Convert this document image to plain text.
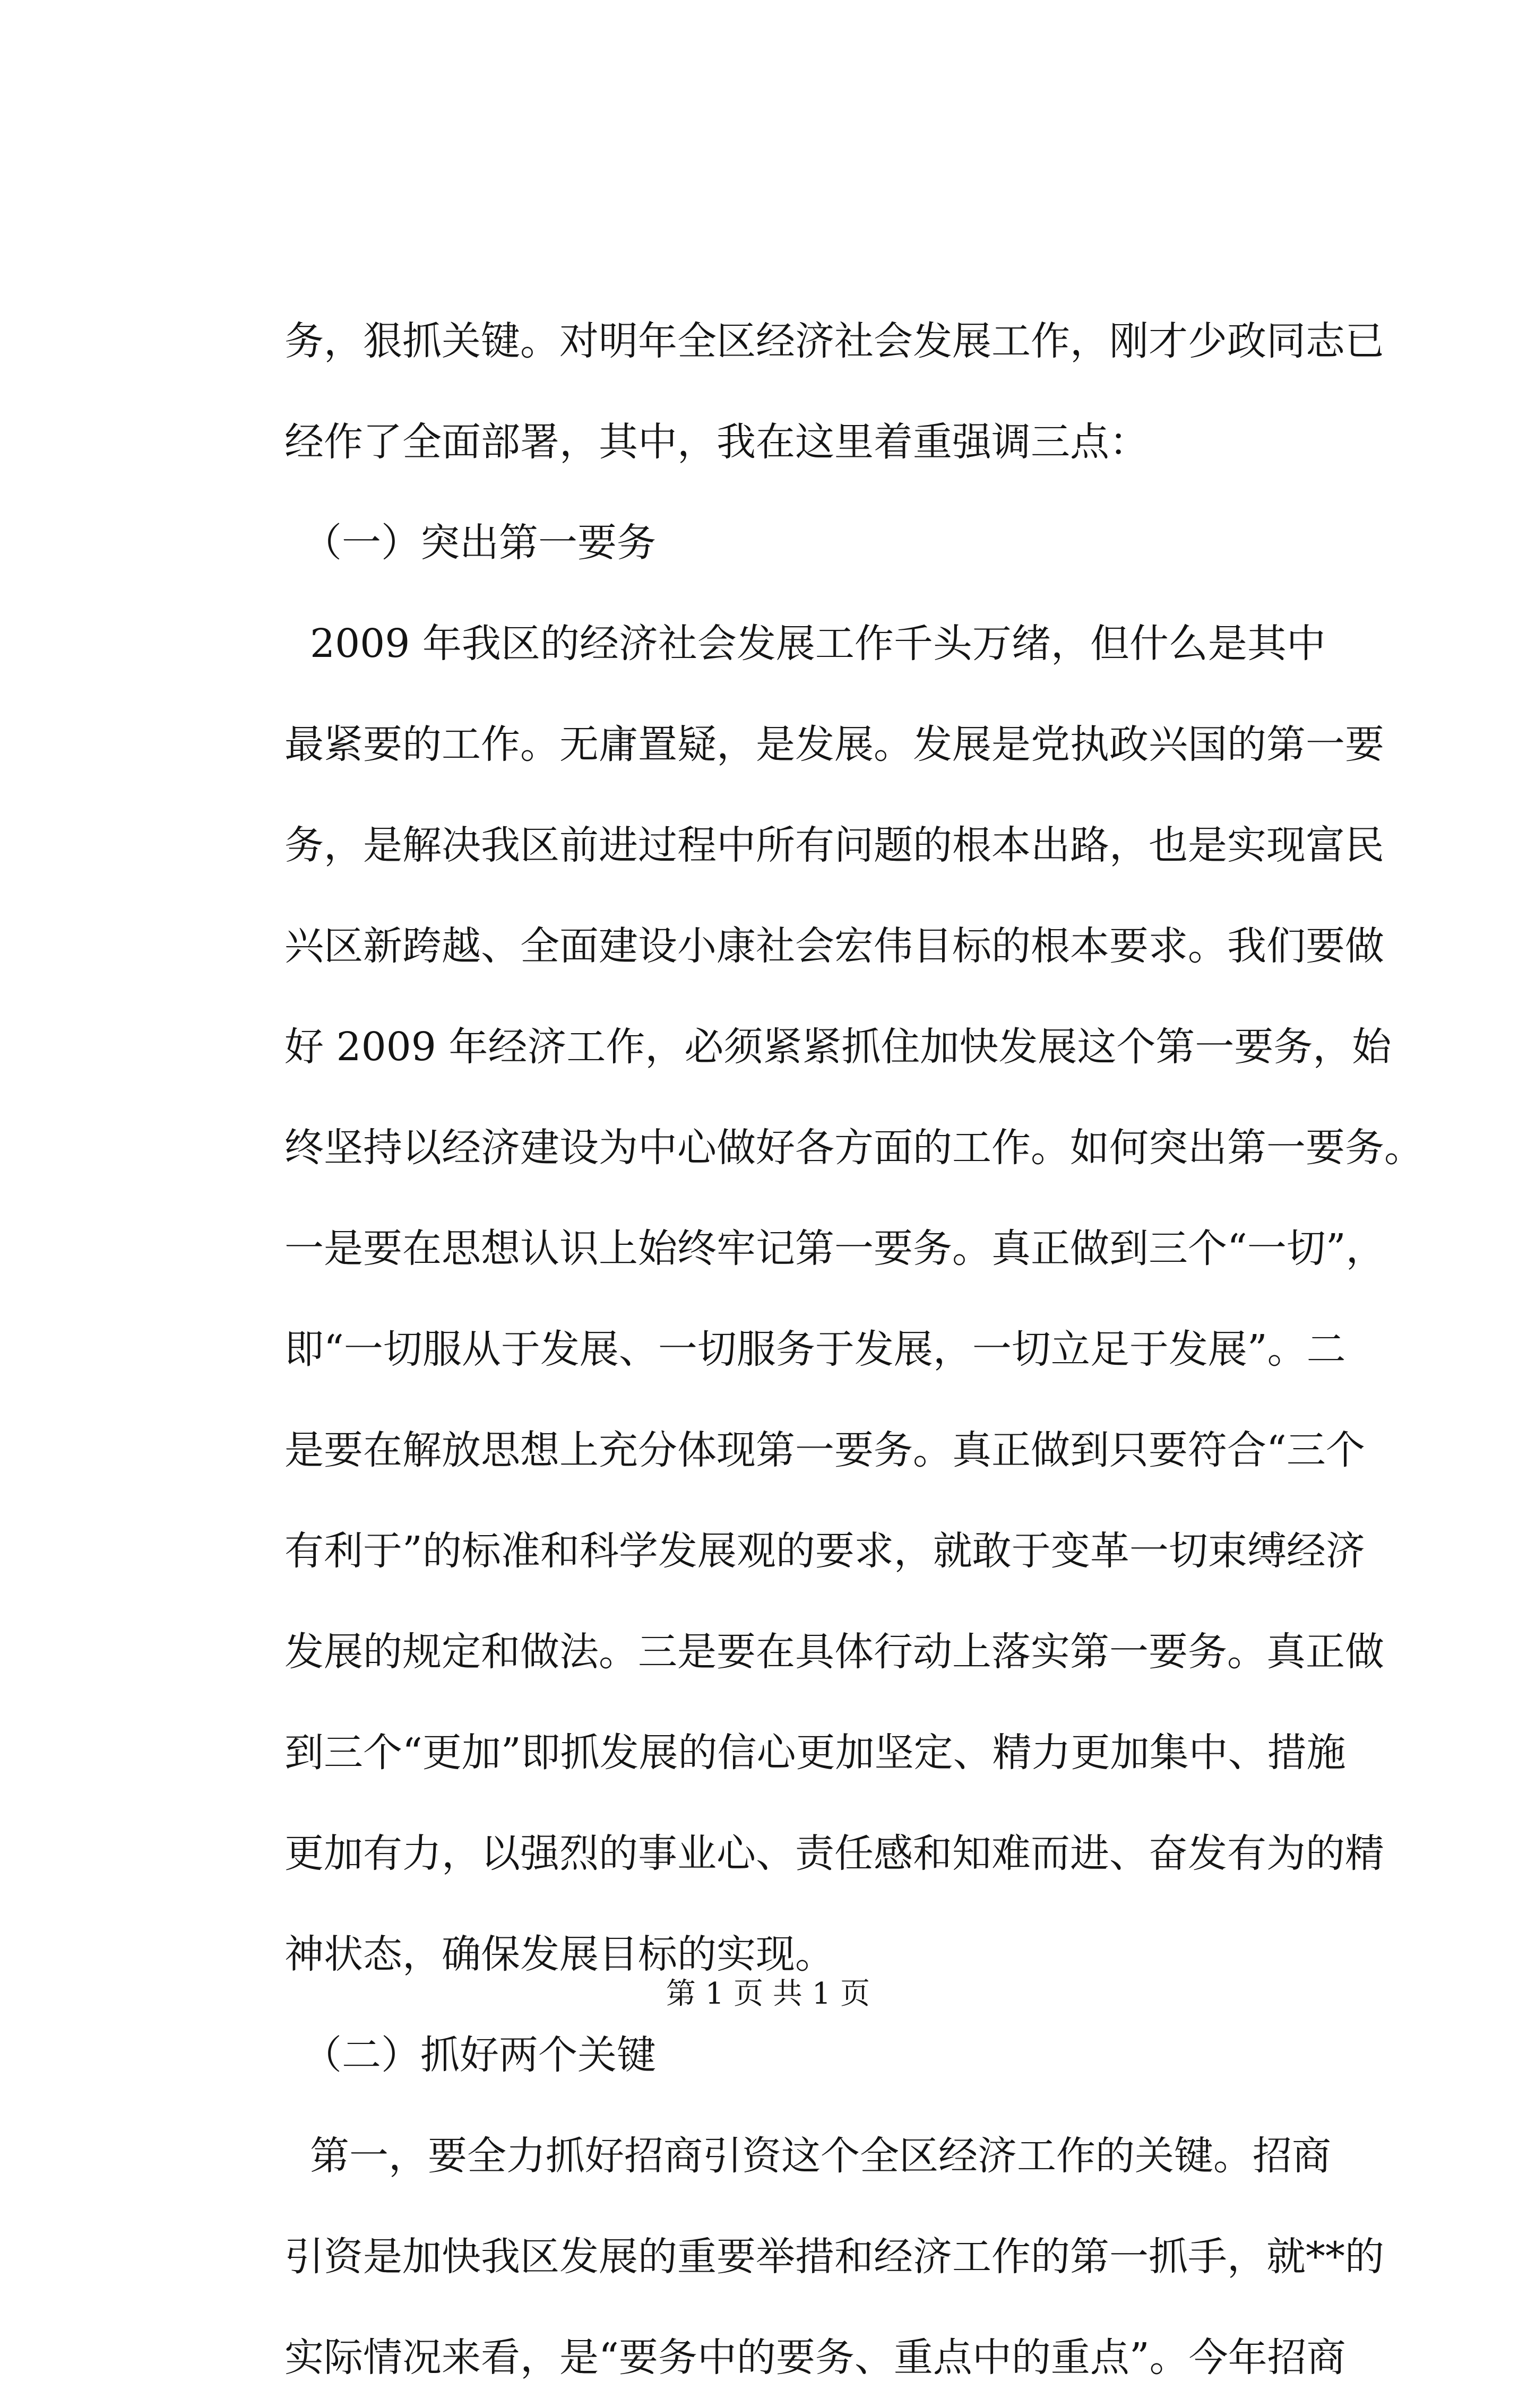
务，狠抓关键。对明年全区经济社会发展工作，刚才少政同志已
经作了全面部署，其中，我在这里着重强调三点：
（一）突出第一要务
2009 年我区的经济社会发展工作千头万绪，但什么是其中
最紧要的工作。无庸置疑，是发展。发展是党执政兴国的第一要
务，是解决我区前进过程中所有问题的根本出路，也是实现富民
兴区新跨越、全面建设小康社会宏伟目标的根本要求。我们要做
好 2009 年经济工作，必须紧紧抓住加快发展这个第一要务，始
终坚持以经济建设为中心做好各方面的工作。如何突出第一要务。
一是要在思想认识上始终牢记第一要务。真正做到三个“一切”，
即“一切服从于发展、一切服务于发展，一切立足于发展”。二
是要在解放思想上充分体现第一要务。真正做到只要符合“三个
有利于”的标准和科学发展观的要求，就敢于变革一切束缚经济
发展的规定和做法。三是要在具体行动上落实第一要务。真正做
到三个“更加”即抓发展的信心更加坚定、精力更加集中、措施
更加有力，以强烈的事业心、责任感和知难而进、奋发有为的精
神状态，确保发展目标的实现。
（二）抓好两个关键
第一，要全力抓好招商引资这个全区经济工作的关键。招商
引资是加快我区发展的重要举措和经济工作的第一抓手，就**的
实际情况来看，是“要务中的要务、重点中的重点”。今年招商
第 1 页 共 1 页
